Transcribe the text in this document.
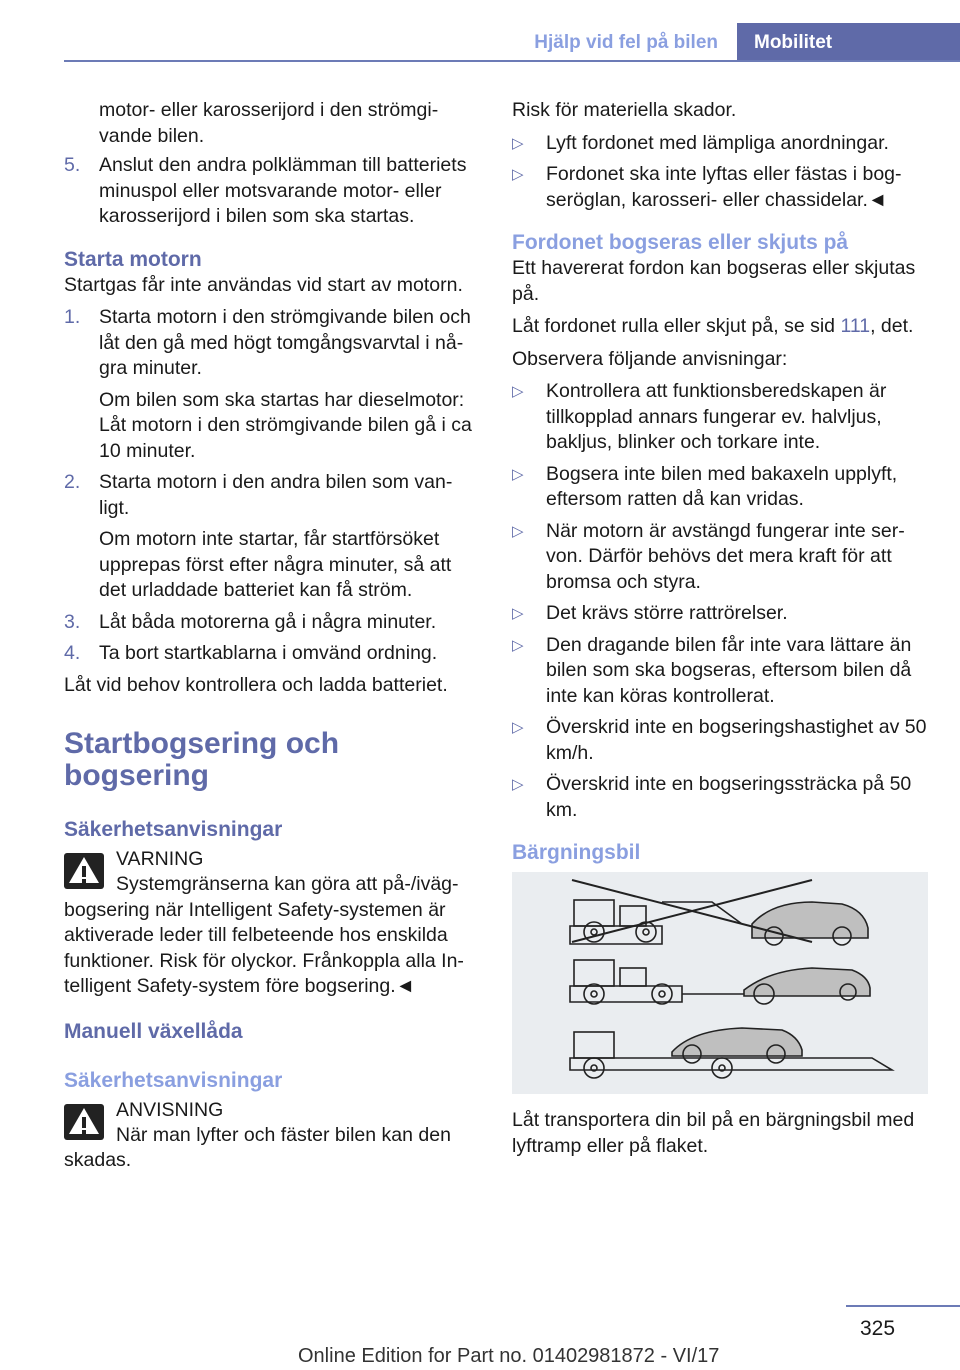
Hjälp vid fel på bilen	Mobilitet

motor- eller karosserijord i den strömgi-vande bilen.

5. Anslut den andra polklämman till batteriets minuspol eller motsvarande motor- eller karosserijord i bilen som ska startas.

Starta motorn

Startgas får inte användas vid start av motorn.

1. Starta motorn i den strömgivande bilen och låt den gå med högt tomgångsvarvtal i nå-gra minuter.

Om bilen som ska startas har dieselmotor: Låt motorn i den strömgivande bilen gå i ca 10 minuter.

2. Starta motorn i den andra bilen som van-ligt.

Om motorn inte startar, får startförsöket upprepas först efter några minuter, så att det urladdade batteriet kan få ström.

3. Låt båda motorerna gå i några minuter.

4. Ta bort startkablarna i omvänd ordning.

Låt vid behov kontrollera och ladda batteriet.

Startbogsering och bogsering
Säkerhetsanvisningar

VARNING

Systemgränserna kan göra att på-/iväg-bogsering när Intelligent Safety-systemen är aktiverade leder till felbeteende hos enskilda funktioner. Risk för olyckor. Frånkoppla alla In-telligent Safety-system före bogsering.◄

Manuell växellåda
Säkerhetsanvisningar

ANVISNING

När man lyfter och fäster bilen kan den skadas.

Risk för materiella skador.

▷ Lyft fordonet med lämpliga anordningar.

▷ Fordonet ska inte lyftas eller fästas i bog-seröglan, karosseri- eller chassidelar.◄

Fordonet bogseras eller skjuts på

Ett havererat fordon kan bogseras eller skjutas på.

Låt fordonet rulla eller skjut på, se sid 111, det.

Observera följande anvisningar:

▷ Kontrollera att funktionsberedskapen är tillkopplad annars fungerar ev. halvljus, bakljus, blinker och torkare inte.

▷ Bogsera inte bilen med bakaxeln upplyft, eftersom ratten då kan vridas.

▷ När motorn är avstängd fungerar inte ser-von. Därför behövs det mera kraft för att bromsa och styra.

▷ Det krävs större rattrörelser.

▷ Den dragande bilen får inte vara lättare än bilen som ska bogseras, eftersom bilen då inte kan köras kontrollerat.

▷ Överskrid inte en bogseringshastighet av 50 km/h.

▷ Överskrid inte en bogseringssträcka på 50 km.

Bärgningsbil

Låt transportera din bil på en bärgningsbil med lyftramp eller på flaket.

325
Online Edition for Part no. 01402981872 - VI/17
